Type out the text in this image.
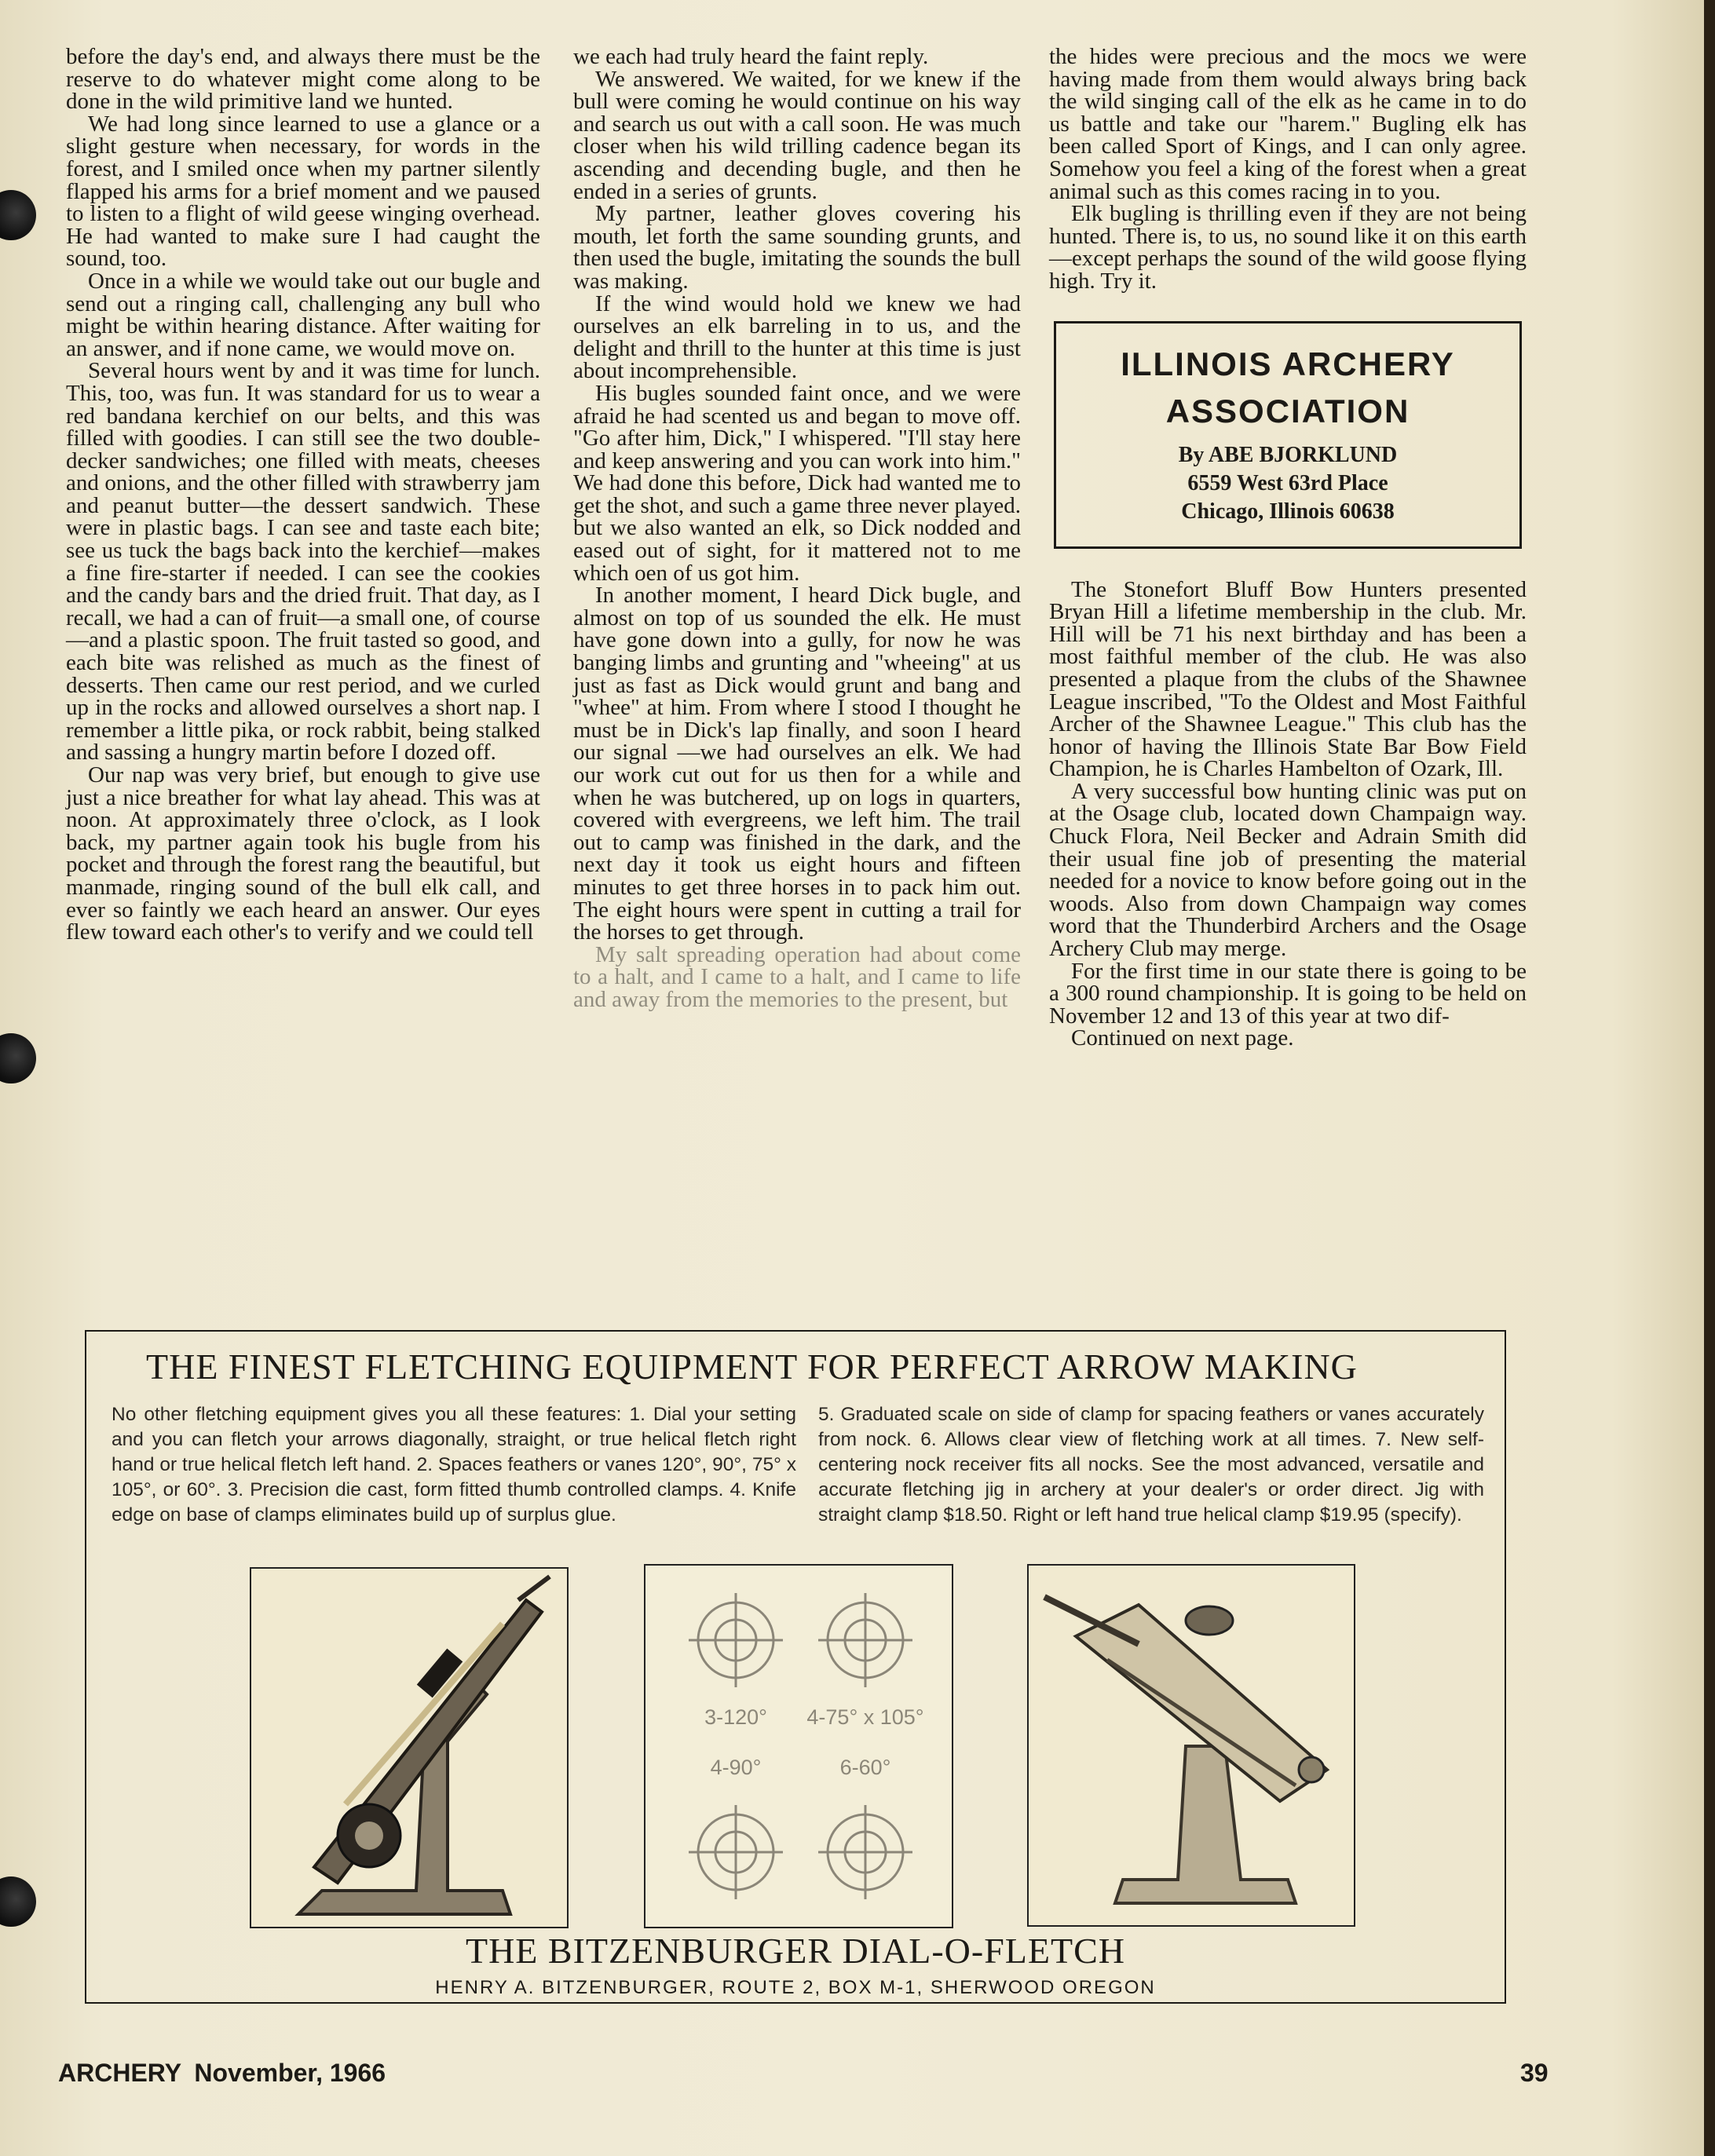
before the day's end, and always there must be the reserve to do whatever might come along to be done in the wild primitive land we hunted.

We had long since learned to use a glance or a slight gesture when necessary, for words in the forest, and I smiled once when my partner silently flapped his arms for a brief moment and we paused to listen to a flight of wild geese winging overhead. He had wanted to make sure I had caught the sound, too.

Once in a while we would take out our bugle and send out a ringing call, challenging any bull who might be within hearing distance. After waiting for an answer, and if none came, we would move on.

Several hours went by and it was time for lunch. This, too, was fun. It was standard for us to wear a red bandana kerchief on our belts, and this was filled with goodies. I can still see the two double-decker sandwiches; one filled with meats, cheeses and onions, and the other filled with strawberry jam and peanut butter—the dessert sandwich. These were in plastic bags. I can see and taste each bite; see us tuck the bags back into the kerchief—makes a fine fire-starter if needed. I can see the cookies and the candy bars and the dried fruit. That day, as I recall, we had a can of fruit—a small one, of course—and a plastic spoon. The fruit tasted so good, and each bite was relished as much as the finest of desserts. Then came our rest period, and we curled up in the rocks and allowed ourselves a short nap. I remember a little pika, or rock rabbit, being stalked and sassing a hungry martin before I dozed off.

Our nap was very brief, but enough to give use just a nice breather for what lay ahead. This was at noon. At approximately three o'clock, as I look back, my partner again took his bugle from his pocket and through the forest rang the beautiful, but manmade, ringing sound of the bull elk call, and ever so faintly we each heard an answer. Our eyes flew toward each other's to verify and we could tell

we each had truly heard the faint reply.

We answered. We waited, for we knew if the bull were coming he would continue on his way and search us out with a call soon. He was much closer when his wild trilling cadence began its ascending and decending bugle, and then he ended in a series of grunts.

My partner, leather gloves covering his mouth, let forth the same sounding grunts, and then used the bugle, imitating the sounds the bull was making.

If the wind would hold we knew we had ourselves an elk barreling in to us, and the delight and thrill to the hunter at this time is just about incomprehensible.

His bugles sounded faint once, and we were afraid he had scented us and began to move off. "Go after him, Dick," I whispered. "I'll stay here and keep answering and you can work into him." We had done this before, Dick had wanted me to get the shot, and such a game three never played. but we also wanted an elk, so Dick nodded and eased out of sight, for it mattered not to me which oen of us got him.

In another moment, I heard Dick bugle, and almost on top of us sounded the elk. He must have gone down into a gully, for now he was banging limbs and grunting and "wheeing" at us just as fast as Dick would grunt and bang and "whee" at him. From where I stood I thought he must be in Dick's lap finally, and soon I heard our signal —we had ourselves an elk. We had our work cut out for us then for a while and when he was butchered, up on logs in quarters, covered with evergreens, we left him. The trail out to camp was finished in the dark, and the next day it took us eight hours and fifteen minutes to get three horses in to pack him out. The eight hours were spent in cutting a trail for the horses to get through.

My salt spreading operation had about come to a halt, and I came to a halt, and I came to life and away from the memories to the present, but

the hides were precious and the mocs we were having made from them would always bring back the wild singing call of the elk as he came in to do us battle and take our "harem." Bugling elk has been called Sport of Kings, and I can only agree. Somehow you feel a king of the forest when a great animal such as this comes racing in to you.

Elk bugling is thrilling even if they are not being hunted. There is, to us, no sound like it on this earth—except perhaps the sound of the wild goose flying high. Try it.

ILLINOIS ARCHERY
ASSOCIATION
By ABE BJORKLUND
6559 West 63rd Place
Chicago, Illinois 60638

The Stonefort Bluff Bow Hunters presented Bryan Hill a lifetime membership in the club. Mr. Hill will be 71 his next birthday and has been a most faithful member of the club. He was also presented a plaque from the clubs of the Shawnee League inscribed, "To the Oldest and Most Faithful Archer of the Shawnee League." This club has the honor of having the Illinois State Bar Bow Field Champion, he is Charles Hambelton of Ozark, Ill.

A very successful bow hunting clinic was put on at the Osage club, located down Champaign way. Chuck Flora, Neil Becker and Adrain Smith did their usual fine job of presenting the material needed for a novice to know before going out in the woods. Also from down Champaign way comes word that the Thunderbird Archers and the Osage Archery Club may merge.

For the first time in our state there is going to be a 300 round championship. It is going to be held on November 12 and 13 of this year at two dif-

Continued on next page.

THE FINEST FLETCHING EQUIPMENT FOR PERFECT ARROW MAKING
No other fletching equipment gives you all these features: 1. Dial your setting and you can fletch your arrows diagonally, straight, or true helical fletch right hand or true helical fletch left hand. 2. Spaces feathers or vanes 120°, 90°, 75° x 105°, or 60°. 3. Precision die cast, form fitted thumb controlled clamps. 4. Knife edge on base of clamps eliminates build up of surplus glue.
5. Graduated scale on side of clamp for spacing feathers or vanes accurately from nock. 6. Allows clear view of fletching work at all times. 7. New self-centering nock receiver fits all nocks. See the most advanced, versatile and accurate fletching jig in archery at your dealer's or order direct. Jig with straight clamp $18.50. Right or left hand true helical clamp $19.95 (specify).
3-120° 4-75° x 105°
4-90°	6-60°
THE BITZENBURGER DIAL-O-FLETCH
HENRY A. BITZENBURGER, ROUTE 2, BOX M-1, SHERWOOD OREGON
ARCHERY November, 1966	39
